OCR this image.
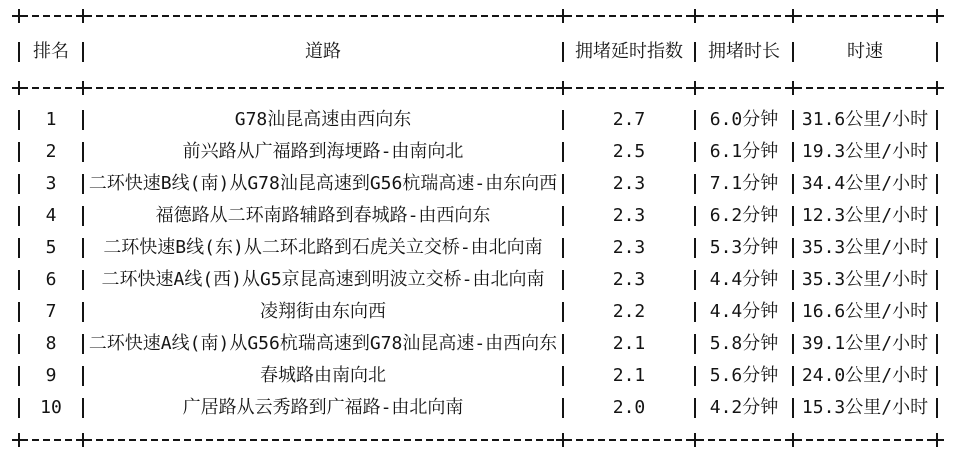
排名	道路	拥堵延时指数	拥堵时长	时速
1	G78汕昆高速由西向东	2.7	6.0分钟	31.6公里/小时
2	前兴路从广福路到海埂路-由南向北	2.5	6.1分钟	19.3公里/小时
3	二环快速B线(南)从G78汕昆高速到G56杭瑞高速-由东向西	2.3	7.1分钟	34.4公里/小时
4	福德路从二环南路辅路到春城路-由西向东	2.3	6.2分钟	12.3公里/小时
5	二环快速B线(东)从二环北路到石虎关立交桥-由北向南	2.3	5.3分钟	35.3公里/小时
6	二环快速A线(西)从G5京昆高速到明波立交桥-由北向南	2.3	4.4分钟	35.3公里/小时
7	凌翔街由东向西	2.2	4.4分钟	16.6公里/小时
8	二环快速A线(南)从G56杭瑞高速到G78汕昆高速-由西向东	2.1	5.8分钟	39.1公里/小时
9	春城路由南向北	2.1	5.6分钟	24.0公里/小时
10	广居路从云秀路到广福路-由北向南	2.0	4.2分钟	15.3公里/小时
